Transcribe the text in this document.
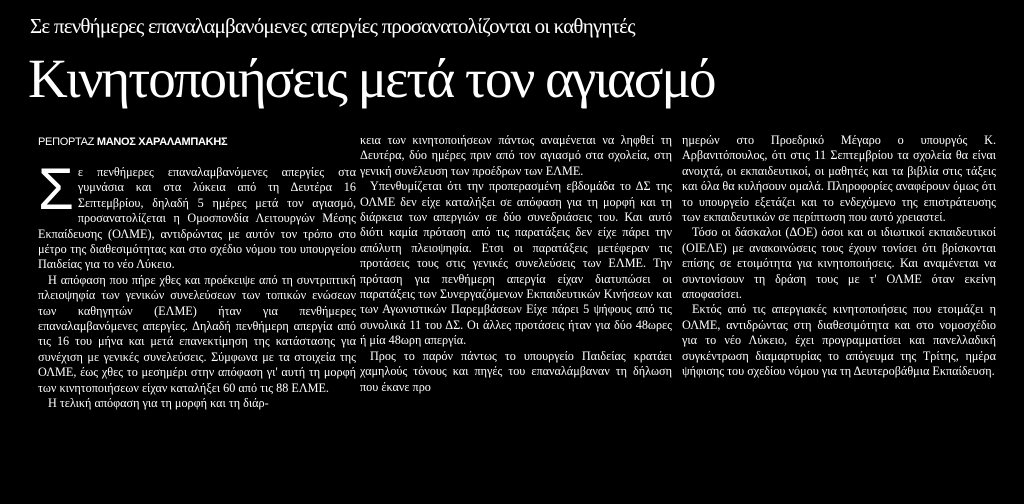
Σε πενθήμερες επαναλαμβανόμενες απεργίες προσανατολίζονται οι καθηγητές
Κινητοποιήσεις μετά τον αγιασμό
ΡΕΠΟΡΤΑΖ ΜΑΝΟΣ ΧΑΡΑΛΑΜΠΑΚΗΣ

Σε πενθήμερες επαναλαμβανόμενες απεργίες στα γυμνάσια και στα λύκεια από τη Δευτέρα 16 Σεπτεμβρίου, δηλαδή 5 ημέρες μετά τον αγιασμό, προσανατολίζεται η Ομοσπονδία Λειτουργών Μέσης Εκπαίδευσης (ΟΛΜΕ), αντιδρώντας με αυτόν τον τρόπο στο μέτρο της διαθεσιμότητας και στο σχέδιο νόμου του υπουργείου Παιδείας για το νέο Λύκειο.

Η απόφαση που πήρε χθες και προέκειψε από τη συντριπτική πλειοψηφία των γενικών συνελεύσεων των τοπικών ενώσεων των καθηγητών (ΕΛΜΕ) ήταν για πενθήμερες επαναλαμβανόμενες απεργίες. Δηλαδή πενθήμερη απεργία από τις 16 του μήνα και μετά επανεκτίμηση της κατάστασης για συνέχιση με γενικές συνελεύσεις. Σύμφωνα με τα στοιχεία της ΟΛΜΕ, έως χθες το μεσημέρι στην απόφαση γι' αυτή τη μορφή των κινητοποιήσεων είχαν καταλήξει 60 από τις 88 ΕΛΜΕ.

Η τελική απόφαση για τη μορφή και τη διάρ-

κεια των κινητοποιήσεων πάντως αναμένεται να ληφθεί τη Δευτέρα, δύο ημέρες πριν από τον αγιασμό στα σχολεία, στη γενική συνέλευση των προέδρων των ΕΛΜΕ.

Υπενθυμίζεται ότι την προπερασμένη εβδομάδα το ΔΣ της ΟΛΜΕ δεν είχε καταλήξει σε απόφαση για τη μορφή και τη διάρκεια των απεργιών σε δύο συνεδριάσεις του. Και αυτό διότι καμία πρόταση από τις παρατάξεις δεν είχε πάρει την απόλυτη πλειοψηφία. Ετσι οι παρατάξεις μετέφεραν τις προτάσεις τους στις γενικές συνελεύσεις των ΕΛΜΕ. Την πρόταση για πενθήμερη απεργία είχαν διατυπώσει οι παρατάξεις των Συνεργαζόμενων Εκπαιδευτικών Κινήσεων και των Αγωνιστικών Παρεμβάσεων Είχε πάρει 5 ψήφους από τις συνολικά 11 του ΔΣ. Οι άλλες προτάσεις ήταν για δύο 48ωρες ή μία 48ωρη απεργία.

Προς το παρόν πάντως το υπουργείο Παιδείας κρατάει χαμηλούς τόνους και πηγές του επαναλάμβαναν τη δήλωση που έκανε προ

ημερών στο Προεδρικό Μέγαρο ο υπουργός Κ. Αρβανιτόπουλος, ότι στις 11 Σεπτεμβρίου τα σχολεία θα είναι ανοιχτά, οι εκπαιδευτικοί, οι μαθητές και τα βιβλία στις τάξεις και όλα θα κυλήσουν ομαλά. Πληροφορίες αναφέρουν όμως ότι το υπουργείο εξετάζει και το ενδεχόμενο της επιστράτευσης των εκπαιδευτικών σε περίπτωση που αυτό χρειαστεί.

Τόσο οι δάσκαλοι (ΔΟΕ) όσοι και οι ιδιωτικοί εκπαιδευτικοί (ΟΙΕΛΕ) με ανακοινώσεις τους έχουν τονίσει ότι βρίσκονται επίσης σε ετοιμότητα για κινητοποιήσεις. Και αναμένεται να συντονίσουν τη δράση τους με τ' ΟΛΜΕ όταν εκείνη αποφασίσει.

Εκτός από τις απεργιακές κινητοποιήσεις που ετοιμάζει η ΟΛΜΕ, αντιδρώντας στη διαθεσιμότητα και στο νομοσχέδιο για το νέο Λύκειο, έχει προγραμματίσει και πανελλαδική συγκέντρωση διαμαρτυρίας το απόγευμα της Τρίτης, ημέρα ψήφισης του σχεδίου νόμου για τη Δευτεροβάθμια Εκπαίδευση.
